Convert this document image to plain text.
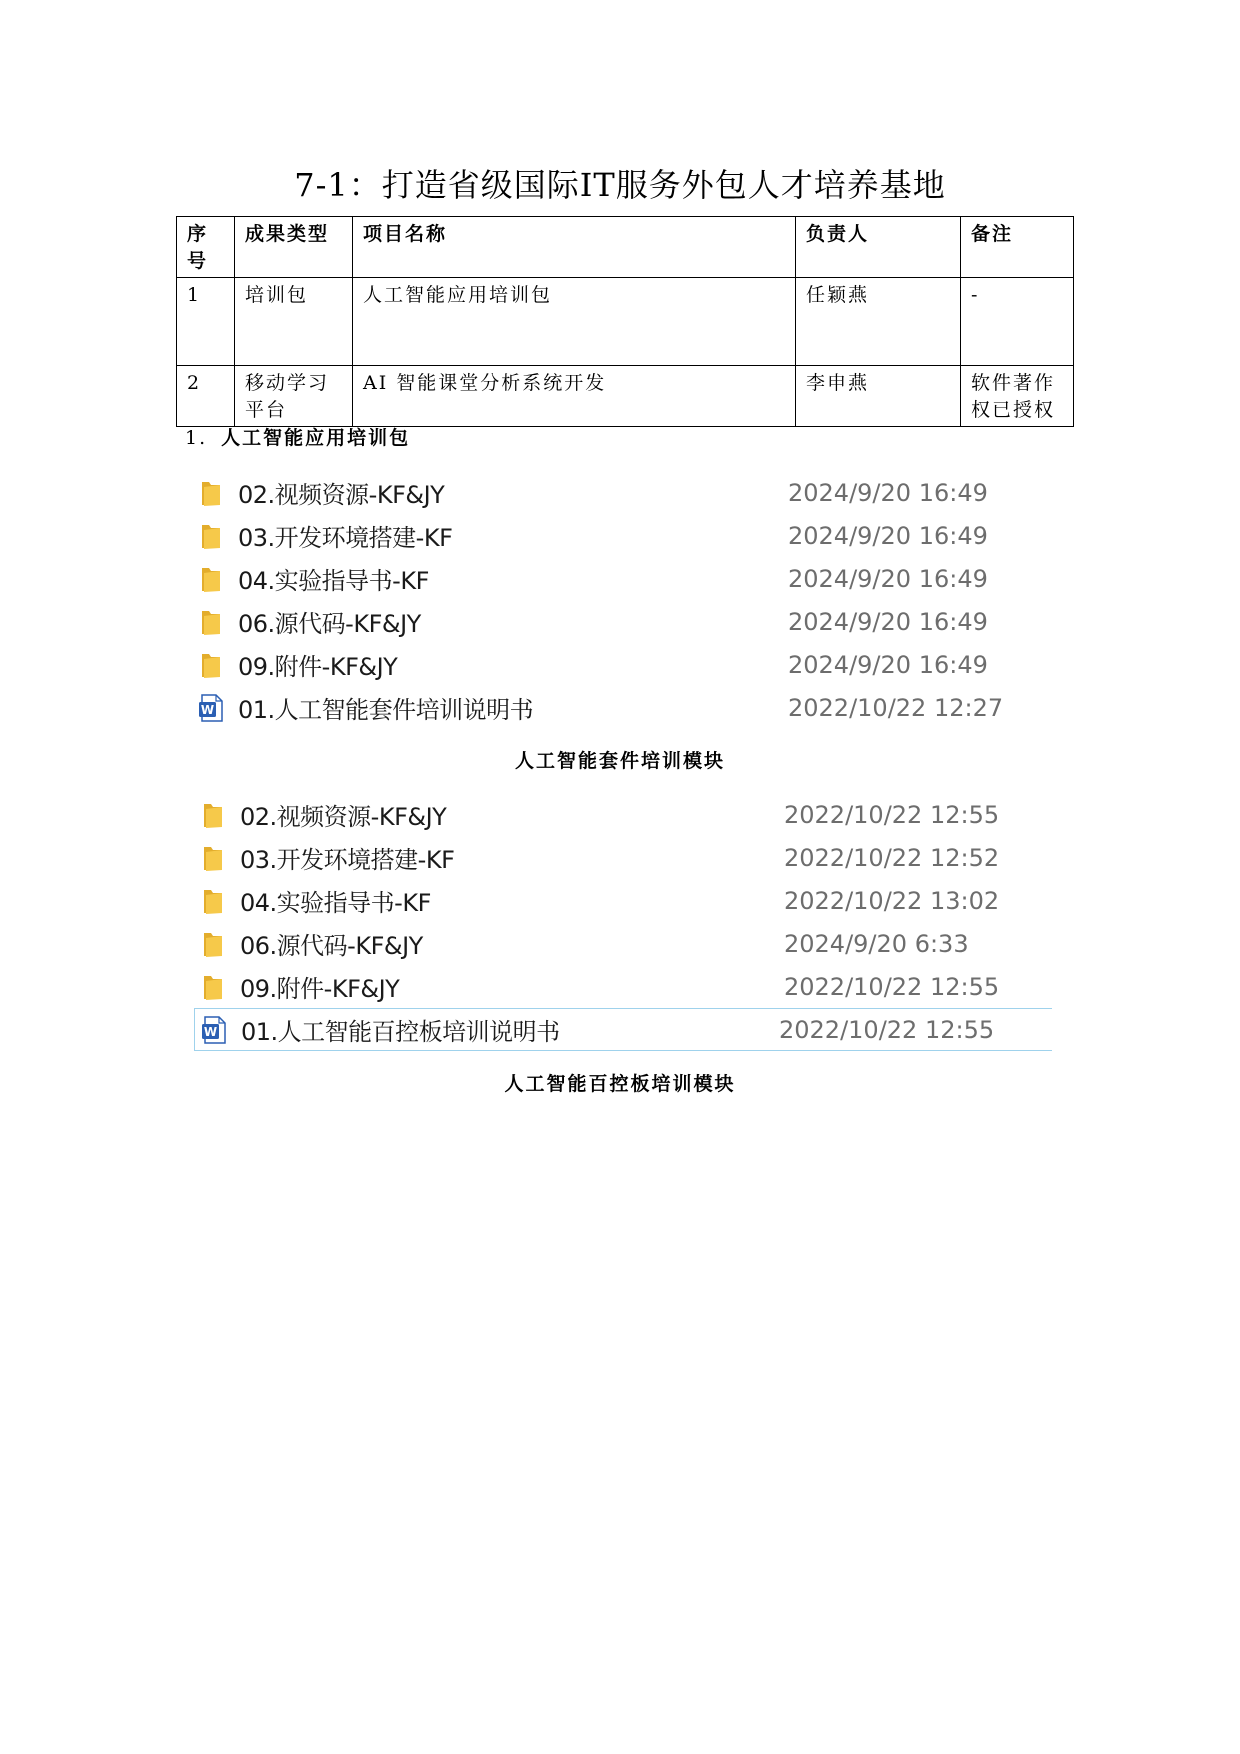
7-1：打造省级国际IT服务外包人才培养基地
序号	成果类型	项目名称	负责人	备注
1	培训包	人工智能应用培训包	任颖燕	-
2	移动学习平台	AI 智能课堂分析系统开发	李申燕	软件著作权已授权
1. 人工智能应用培训包
02.视频资源-KF&JY	2024/9/20 16:49
03.开发环境搭建-KF	2024/9/20 16:49
04.实验指导书-KF	2024/9/20 16:49
06.源代码-KF&JY	2024/9/20 16:49
09.附件-KF&JY	2024/9/20 16:49
W 01.人工智能套件培训说明书	2022/10/22 12:27
人工智能套件培训模块
02.视频资源-KF&JY	2022/10/22 12:55
03.开发环境搭建-KF	2022/10/22 12:52
04.实验指导书-KF	2022/10/22 13:02
06.源代码-KF&JY	2024/9/20 6:33
09.附件-KF&JY	2022/10/22 12:55
W 01.人工智能百控板培训说明书	2022/10/22 12:55
人工智能百控板培训模块
